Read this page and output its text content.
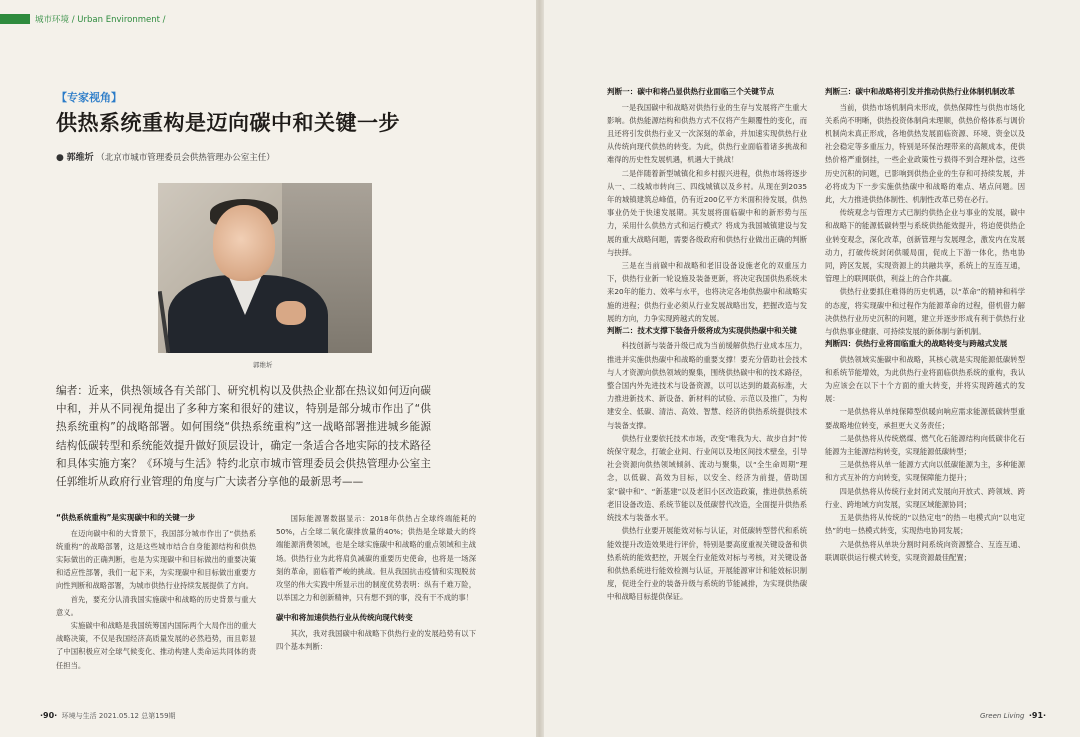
城市环境 / Urban Environment /
【专家视角】
供热系统重构是迈向碳中和关键一步
● 郭维圻 （北京市城市管理委员会供热管理办公室主任）
郭维圻
编者：近来，供热领域各有关部门、研究机构以及供热企业都在热议如何迈向碳中和，并从不同视角提出了多种方案和很好的建议，特别是部分城市作出了“供热系统重构”的战略部署。如何围绕“供热系统重构”这一战略部署推进城乡能源结构低碳转型和系统能效提升做好顶层设计，确定一条适合各地实际的技术路径和具体实施方案？《环境与生活》特约北京市城市管理委员会供热管理办公室主任郭维圻从政府行业管理的角度与广大读者分享他的最新思考——
“供热系统重构”是实现碳中和的关键一步

在迈向碳中和的大背景下，我国部分城市作出了“供热系统重构”的战略部署，这是这些城市结合自身能源结构和供热实际做出的正确判断，也是为实现碳中和目标做出的重要决策和适应性部署，我们一起下来，为实现碳中和目标做出重要方向性判断和战略部署，为城市供热行业持续发展提供了方向。

首先，要充分认清我国实施碳中和战略的历史背景与重大意义。

实施碳中和战略是我国统筹国内国际两个大局作出的重大战略决策，不仅是我国经济高质量发展的必然趋势，而且彰显了中国积极应对全球气候变化、推动构建人类命运共同体的责任担当。

国际能源署数据显示：2018年供热占全球终端能耗的50%，占全球二氧化碳排放量的40%；供热是全球最大的终端能源消费领域，也是全球实施碳中和战略的重点领域和主战场。供热行业为此将肩负减碳的重要历史使命，也将是一场深刻的革命，面临着严峻的挑战。但从我国抗击疫情和实现脱贫攻坚的伟大实践中所显示出的制度优势表明：纵有千难万险，以举国之力和创新精神，只有想不到的事，没有干不成的事！

碳中和将加速供热行业从传统向现代转变

其次，我对我国碳中和战略下供热行业的发展趋势有以下四个基本判断：

判断一：碳中和将凸显供热行业面临三个关键节点

一是我国碳中和战略对供热行业的生存与发展将产生重大影响。供热能源结构和供热方式不仅将产生颠覆性的变化，而且还将引发供热行业又一次深刻的革命，并加速实现供热行业从传统向现代供热的转变。为此，供热行业面临着诸多挑战和难得的历史性发展机遇，机遇大于挑战！

二是伴随着新型城镇化和乡村振兴进程，供热市场将逐步从一、二线城市转向三、四线城镇以及乡村。从现在到2035年的城镇建筑总峰值，仍有近200亿平方米面积待发展，供热事业仍处于快速发展期。其发展将面临碳中和的新形势与压力，采用什么供热方式和运行模式？将成为我国城镇建设与发展的重大战略问题，需要各级政府和供热行业做出正确的判断与抉择。

三是在当前碳中和战略和老旧设备设施老化的双重压力下，供热行业新一轮设施及装备更新，将决定我国供热系统未来20年的能力、效率与水平，也将决定各地供热碳中和战略实施的进程；供热行业必须从行业发展战略出发，把握改造与发展的方向，力争实现跨越式的发展。

判断二：技术支撑下装备升级将成为实现供热碳中和关键

科技创新与装备升级已成为当前缓解供热行业成本压力，推进并实施供热碳中和战略的重要支撑！要充分借助社会技术与人才资源向供热领域的聚集，围绕供热碳中和的技术路径，整合国内外先进技术与设备资源，以可以达到的最高标准，大力推进新技术、新设备、新材料的试验、示范以及推广，为构建安全、低碳、清洁、高效、智慧、经济的供热系统提供技术与装备支撑。

供热行业要依托技术市场，改变“唯我为大、故步自封”传统保守观念，打破企业间、行业间以及地区间技术壁垒，引导社会资源向供热领域倾斜、流动与聚集，以“全生命周期”理念，以低碳、高效为目标，以安全、经济为前提，借助国家“碳中和”、“新基建”以及老旧小区改造政策，推进供热系统老旧设备改造、系统节能以及低碳替代改造，全面提升供热系统技术与装备水平。

供热行业要开展能效对标与认证，对低碳转型替代和系统能效提升改造效果进行评价，特别是要高度重视关键设备和供热系统的能效把控，开展全行业能效对标与考核，对关键设备和供热系统进行能效检测与认证，开展能源审计和能效标识制度，促进全行业的装备升级与系统的节能减排，为实现供热碳中和战略目标提供保证。

判断三：碳中和战略将引发并推动供热行业体制机制改革

当前，供热市场机制尚未形成，供热保障性与供热市场化关系尚不明晰，供热投资体制尚未理顺，供热价格体系与调价机制尚未真正形成，各地供热发展面临资源、环境、资金以及社会稳定等多重压力，特别是环保治理带来的高额成本，使供热价格严重倒挂，一些企业政策性亏损得不到合理补偿，这些历史沉积的问题，已影响到供热企业的生存和可持续发展，并必将成为下一步实施供热碳中和战略的难点、堵点问题。因此，大力推进供热体制性、机制性改革已势在必行。

传统观念与管理方式已制约供热企业与事业的发展，碳中和战略下的能源低碳转型与系统供热能效提升，将迫使供热企业转变观念，深化改革，创新管理与发展理念，激发内在发展动力，打破传统封闭供暖局面，促成上下游一体化，热电协同，跨区发展，实现资源上的共融共享，系统上的互连互通，管理上的联网联供，利益上的合作共赢。

供热行业要抓住难得的历史机遇，以“革命”的精神和科学的态度，将实现碳中和过程作为能源革命的过程，借机借力解决供热行业历史沉积的问题，建立并逐步形成有利于供热行业与供热事业健康、可持续发展的新体制与新机制。

判断四：供热行业将面临重大的战略转变与跨越式发展

供热领域实施碳中和战略，其核心就是实现能源低碳转型和系统节能增效，为此供热行业将面临供热系统的重构，我认为应该会在以下十个方面的重大转变，并将实现跨越式的发展：

一是供热将从单纯保障型供暖向响应需求能源低碳转型重要战略地位转变，承担更大义务责任；

二是供热将从传统燃煤、燃气化石能源结构向低碳非化石能源为主能源结构转变，实现能源低碳转型；

三是供热将从单一能源方式向以低碳能源为主，多种能源和方式互补的方向转变，实现保障能力提升；

四是供热将从传统行业封闭式发展向开放式、跨领域、跨行业、跨地域方向发展，实现区域能源协同；

五是供热将从传统的“以热定电”的热－电模式向“以电定热”的电－热模式转变，实现热电协同发展；

六是供热将从单块分割时间系统向资源整合、互连互通、联调联供运行模式转变，实现资源最佳配置；

·90· 环境与生活 2021.05.12 总第159期	Green Living ·91·
